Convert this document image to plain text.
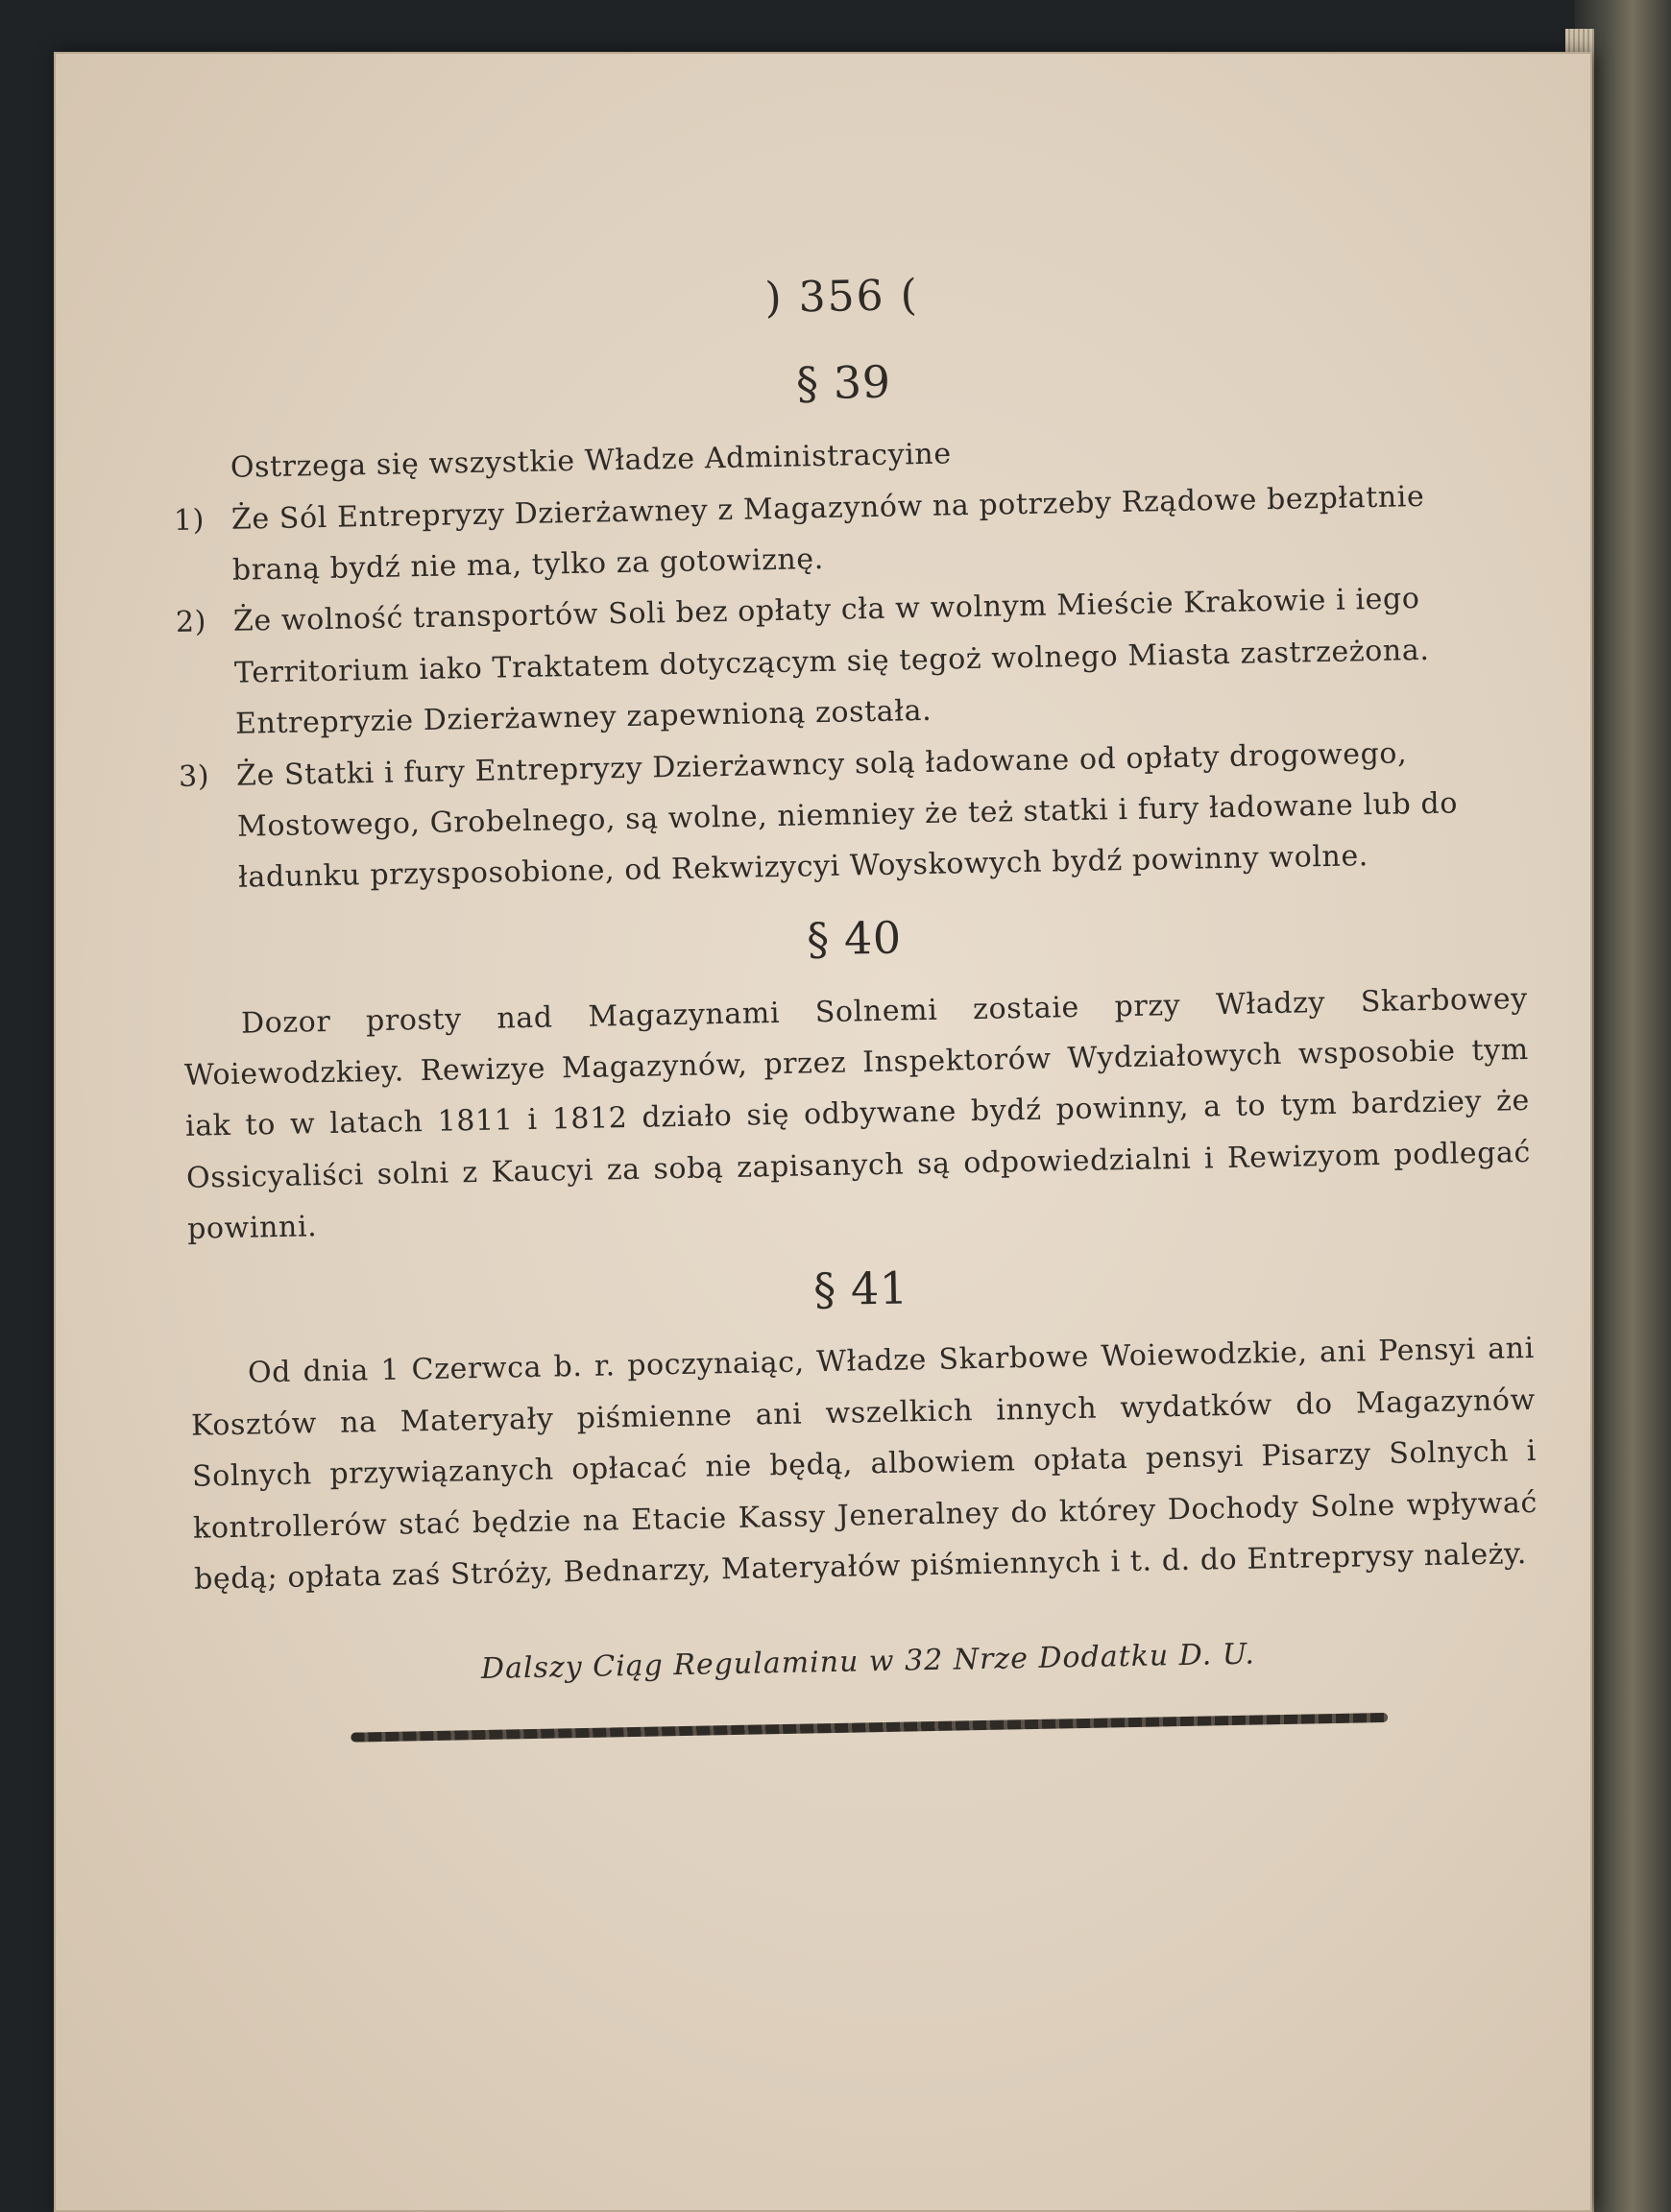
) 356 (
§ 39
Ostrzega się wszystkie Władze Administracyine
1) Że Sól Entrepryzy Dzierżawney z Magazynów na potrzeby Rządowe bezpłatnie braną bydź nie ma, tylko za gotowiznę.
2) Że wolność transportów Soli bez opłaty cła w wolnym Mieście Krakowie i iego Territorium iako Traktatem dotyczącym się tegoż wolnego Miasta zastrzeżona. Entrepryzie Dzierżawney zapewnioną została.
3) Że Statki i fury Entrepryzy Dzierżawncy solą ładowane od opłaty drogowego, Mostowego, Grobelnego, są wolne, niemniey że też statki i fury ładowane lub do ładunku przysposobione, od Rekwizycyi Woyskowych bydź powinny wolne.
§ 40
Dozor prosty nad Magazynami Solnemi zostaie przy Władzy Skarbowey Woiewodzkiey. Rewizye Magazynów, przez Inspektorów Wydziałowych wsposobie tym iak to w latach 1811 i 1812 działo się odbywane bydź powinny, a to tym bardziey że Ossicyaliści solni z Kaucyi za sobą zapisanych są odpowiedzialni i Rewizyom podlegać powinni.
§ 41
Od dnia 1 Czerwca b. r. poczynaiąc, Władze Skarbowe Woiewodzkie, ani Pensyi ani Kosztów na Materyały piśmienne ani wszelkich innych wydatków do Magazynów Solnych przywiązanych opłacać nie będą, albowiem opłata pensyi Pisarzy Solnych i kontrollerów stać będzie na Etacie Kassy Jeneralney do którey Dochody Solne wpływać będą; opłata zaś Stróży, Bednarzy, Materyałów piśmiennych i t. d. do Entreprysy należy.
Dalszy Ciąg Regulaminu w 32 Nrze Dodatku D. U.
